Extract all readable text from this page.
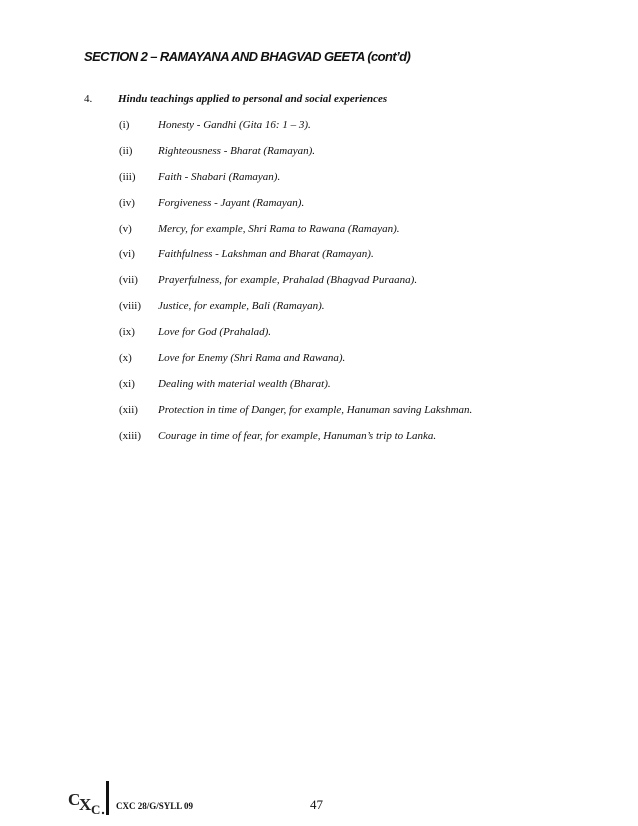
SECTION 2 – RAMAYANA AND BHAGVAD GEETA (cont’d)
4. Hindu teachings applied to personal and social experiences
(i)	Honesty - Gandhi (Gita 16: 1 – 3).
(ii) Righteousness - Bharat (Ramayan).
(iii) Faith - Shabari (Ramayan).
(iv) Forgiveness - Jayant (Ramayan).
(v) Mercy, for example, Shri Rama to Rawana (Ramayan).
(vi) Faithfulness - Lakshman and Bharat (Ramayan).
(vii) Prayerfulness, for example, Prahalad (Bhagvad Puraana).
(viii) Justice, for example, Bali (Ramayan).
(ix) Love for God (Prahalad).
(x) Love for Enemy (Shri Rama and Rawana).
(xi) Dealing with material wealth (Bharat).
(xii) Protection in time of Danger, for example, Hanuman saving Lakshman.
(xiii) Courage in time of fear, for example, Hanuman’s trip to Lanka.
C
X C CXC 28/G/SYLL 09	47
